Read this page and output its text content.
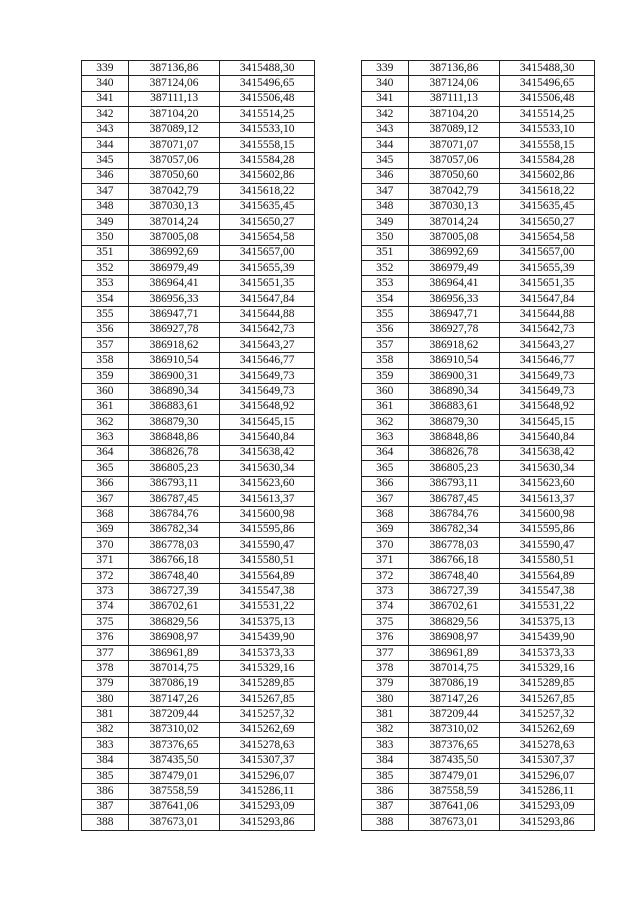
339	387136,86	3415488,30		339	387136,86	3415488,30
340	387124,06	3415496,65		340	387124,06	3415496,65
341	387111,13	3415506,48		341	387111,13	3415506,48
342	387104,20	3415514,25		342	387104,20	3415514,25
343	387089,12	3415533,10		343	387089,12	3415533,10
344	387071,07	3415558,15		344	387071,07	3415558,15
345	387057,06	3415584,28		345	387057,06	3415584,28
346	387050,60	3415602,86		346	387050,60	3415602,86
347	387042,79	3415618,22		347	387042,79	3415618,22
348	387030,13	3415635,45		348	387030,13	3415635,45
349	387014,24	3415650,27		349	387014,24	3415650,27
350	387005,08	3415654,58		350	387005,08	3415654,58
351	386992,69	3415657,00		351	386992,69	3415657,00
352	386979,49	3415655,39		352	386979,49	3415655,39
353	386964,41	3415651,35		353	386964,41	3415651,35
354	386956,33	3415647,84		354	386956,33	3415647,84
355	386947,71	3415644,88		355	386947,71	3415644,88
356	386927,78	3415642,73		356	386927,78	3415642,73
357	386918,62	3415643,27		357	386918,62	3415643,27
358	386910,54	3415646,77		358	386910,54	3415646,77
359	386900,31	3415649,73		359	386900,31	3415649,73
360	386890,34	3415649,73		360	386890,34	3415649,73
361	386883,61	3415648,92		361	386883,61	3415648,92
362	386879,30	3415645,15		362	386879,30	3415645,15
363	386848,86	3415640,84		363	386848,86	3415640,84
364	386826,78	3415638,42		364	386826,78	3415638,42
365	386805,23	3415630,34		365	386805,23	3415630,34
366	386793,11	3415623,60		366	386793,11	3415623,60
367	386787,45	3415613,37		367	386787,45	3415613,37
368	386784,76	3415600,98		368	386784,76	3415600,98
369	386782,34	3415595,86		369	386782,34	3415595,86
370	386778,03	3415590,47		370	386778,03	3415590,47
371	386766,18	3415580,51		371	386766,18	3415580,51
372	386748,40	3415564,89		372	386748,40	3415564,89
373	386727,39	3415547,38		373	386727,39	3415547,38
374	386702,61	3415531,22		374	386702,61	3415531,22
375	386829,56	3415375,13		375	386829,56	3415375,13
376	386908,97	3415439,90		376	386908,97	3415439,90
377	386961,89	3415373,33		377	386961,89	3415373,33
378	387014,75	3415329,16		378	387014,75	3415329,16
379	387086,19	3415289,85		379	387086,19	3415289,85
380	387147,26	3415267,85		380	387147,26	3415267,85
381	387209,44	3415257,32		381	387209,44	3415257,32
382	387310,02	3415262,69		382	387310,02	3415262,69
383	387376,65	3415278,63		383	387376,65	3415278,63
384	387435,50	3415307,37		384	387435,50	3415307,37
385	387479,01	3415296,07		385	387479,01	3415296,07
386	387558,59	3415286,11		386	387558,59	3415286,11
387	387641,06	3415293,09		387	387641,06	3415293,09
388	387673,01	3415293,86		388	387673,01	3415293,86
